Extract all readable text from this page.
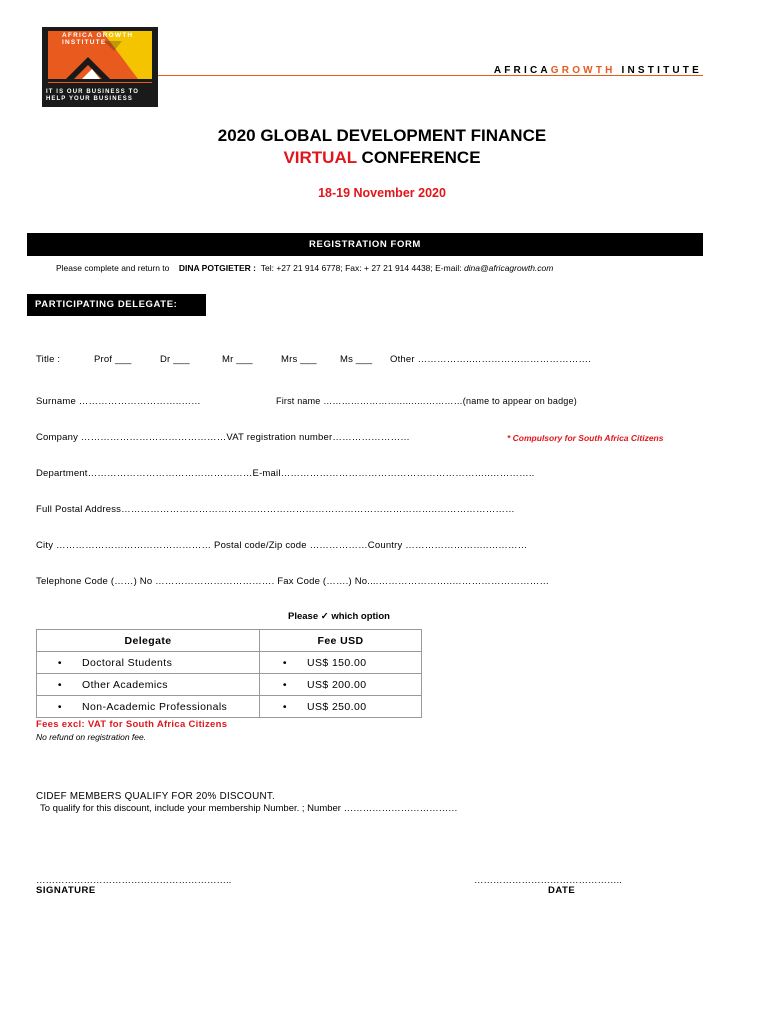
AFRICA GROWTH
INSTITUTE
IT IS OUR BUSINESS TO
HELP YOUR BUSINESS
AFRICAGROWTH INSTITUTE
2020 GLOBAL DEVELOPMENT FINANCE
VIRTUAL CONFERENCE
18-19 November 2020
REGISTRATION FORM
Please complete and return to DINA POTGIETER : Tel: +27 21 914 6778; Fax: + 27 21 914 4438; E-mail: dina@africagrowth.com
PARTICIPATING DELEGATE:
Title :	Prof ___	Dr ___	Mr ___	Mrs ___ Ms ___ Other ……………..……………………………….
Surname …………………………..……	First name ……………………..…..……………(name to appear on badge)
Company ………………………………………VAT registration number……………………	* Compulsory for South Africa Citizens
Department……………………………………………E-mail………………………………………………………..…………..
Full Postal Address……………………………………………………………………………………..……………………
City ………………………………………… Postal code/Zip code ………………Country ……………………..…………
Telephone Code (……) No ………………………………. Fax Code (…….) No....…………………..…………………………
Please ✓ which option
Delegate	Fee USD
• Doctoral Students	• US$ 150.00
• Other Academics	• US$ 200.00
• Non-Academic Professionals	• US$ 250.00
Fees excl: VAT for South Africa Citizens
No refund on registration fee.
CIDEF MEMBERS QUALIFY FOR 20% DISCOUNT.
To qualify for this discount, include your membership Number. ; Number ………………………………
……………………………………………………..
SIGNATURE
………………………………………..
DATE
